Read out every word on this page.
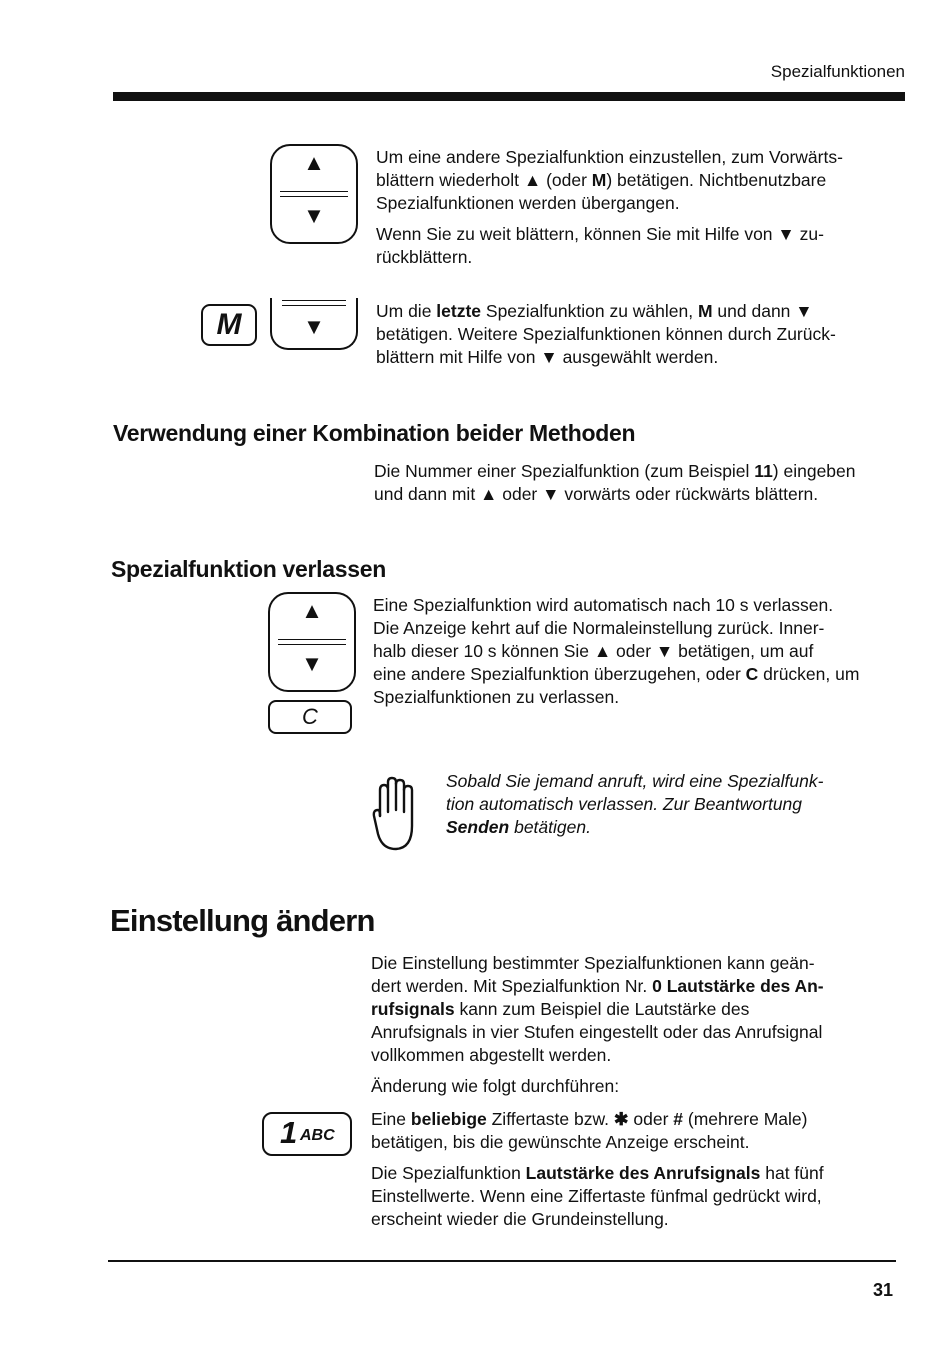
Spezialfunktionen
▲
▼

Um eine andere Spezialfunktion einzustellen, zum Vorwärts-
blättern wiederholt ▲ (oder M) betätigen. Nichtbenutzbare
Spezialfunktionen werden übergangen.

Wenn Sie zu weit blättern, können Sie mit Hilfe von ▼ zu-
rückblättern.

M	▼

Um die letzte Spezialfunktion zu wählen, M und dann ▼
betätigen. Weitere Spezialfunktionen können durch Zurück-
blättern mit Hilfe von ▼ ausgewählt werden.

Verwendung einer Kombination beider Methoden

Die Nummer einer Spezialfunktion (zum Beispiel 11) eingeben
und dann mit ▲ oder ▼ vorwärts oder rückwärts blättern.

Spezialfunktion verlassen
▲
▼
C

Eine Spezialfunktion wird automatisch nach 10 s verlassen.
Die Anzeige kehrt auf die Normaleinstellung zurück. Inner-
halb dieser 10 s können Sie ▲ oder ▼ betätigen, um auf
eine andere Spezialfunktion überzugehen, oder C drücken, um
Spezialfunktionen zu verlassen.

Sobald Sie jemand anruft, wird eine Spezialfunk-
tion automatisch verlassen. Zur Beantwortung
Senden betätigen.

Einstellung ändern

Die Einstellung bestimmter Spezialfunktionen kann geän-
dert werden. Mit Spezialfunktion Nr. 0 Lautstärke des An-
rufsignals kann zum Beispiel die Lautstärke des
Anrufsignals in vier Stufen eingestellt oder das Anrufsignal
vollkommen abgestellt werden.

Änderung wie folgt durchführen:

1 ABC

Eine beliebige Ziffertaste bzw. ✱ oder # (mehrere Male)
betätigen, bis die gewünschte Anzeige erscheint.

Die Spezialfunktion Lautstärke des Anrufsignals hat fünf
Einstellwerte. Wenn eine Ziffertaste fünfmal gedrückt wird,
erscheint wieder die Grundeinstellung.

31
